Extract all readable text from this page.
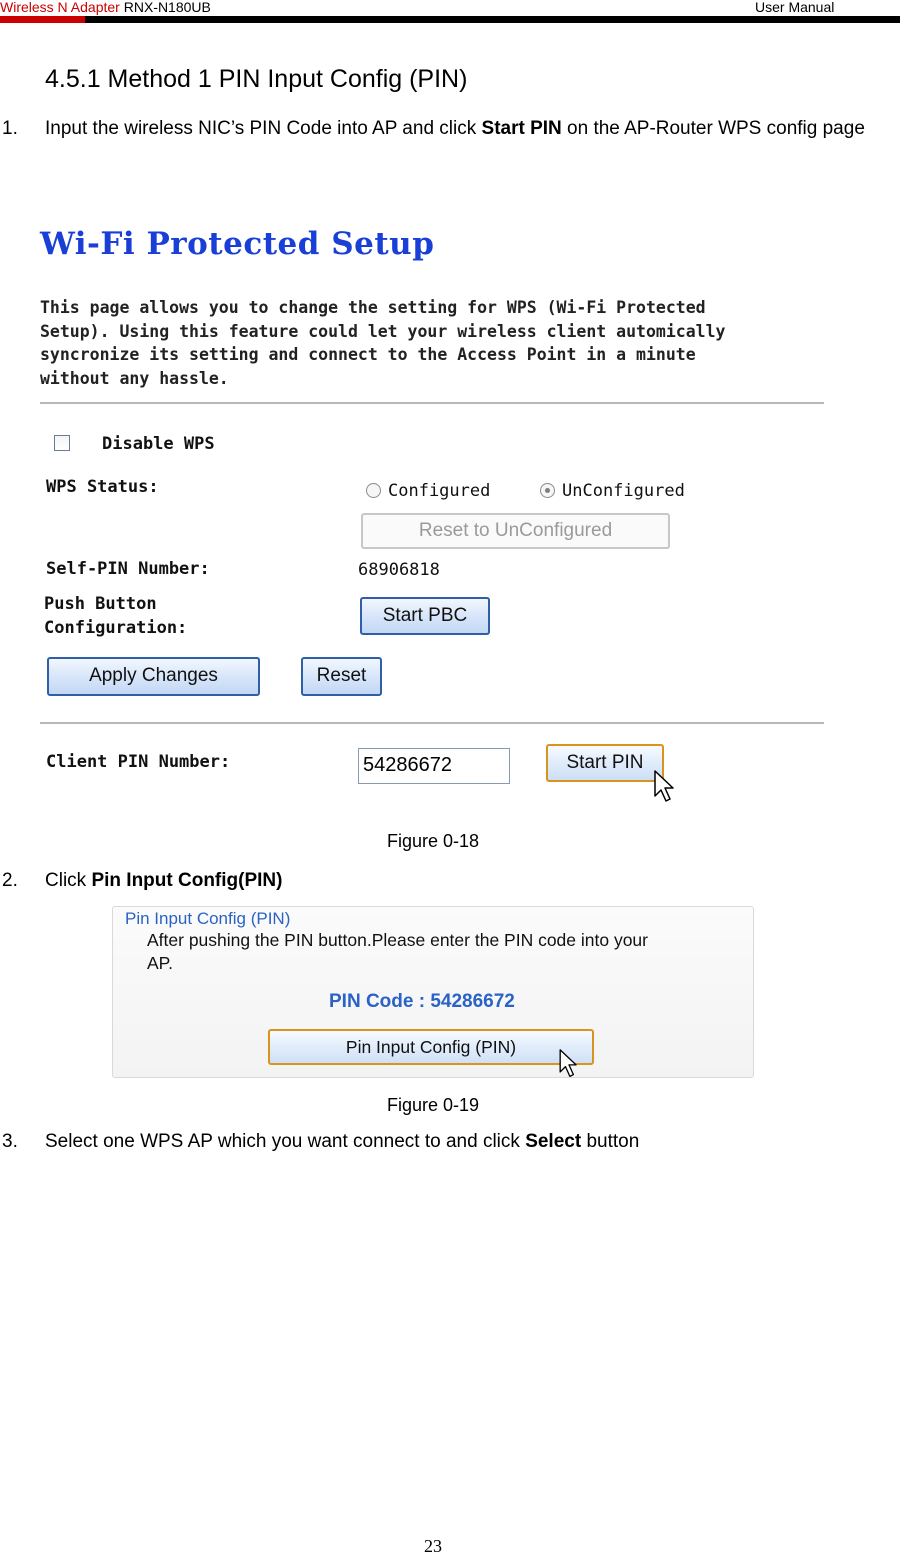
Wireless N Adapter RNX-N180UB	User Manual
4.5.1 Method 1 PIN Input Config (PIN)
1. Input the wireless NIC’s PIN Code into AP and click Start PIN on the AP-Router WPS config page
Wi-Fi Protected Setup
This page allows you to change the setting for WPS (Wi-Fi Protected
Setup). Using this feature could let your wireless client automically
syncronize its setting and connect to the Access Point in a minute
without any hassle.
Disable WPS
WPS Status:	Configured	UnConfigured
Reset to UnConfigured
Self-PIN Number:	68906818
Push Button
Configuration:
Start PBC
Apply Changes	Reset
Client PIN Number:	54286672	Start PIN
Figure 0-18
2. Click Pin Input Config(PIN)
Pin Input Config (PIN)
After pushing the PIN button.Please enter the PIN code into your
AP.
PIN Code : 54286672
Pin Input Config (PIN)
Figure 0-19
3. Select one WPS AP which you want connect to and click Select button
23
